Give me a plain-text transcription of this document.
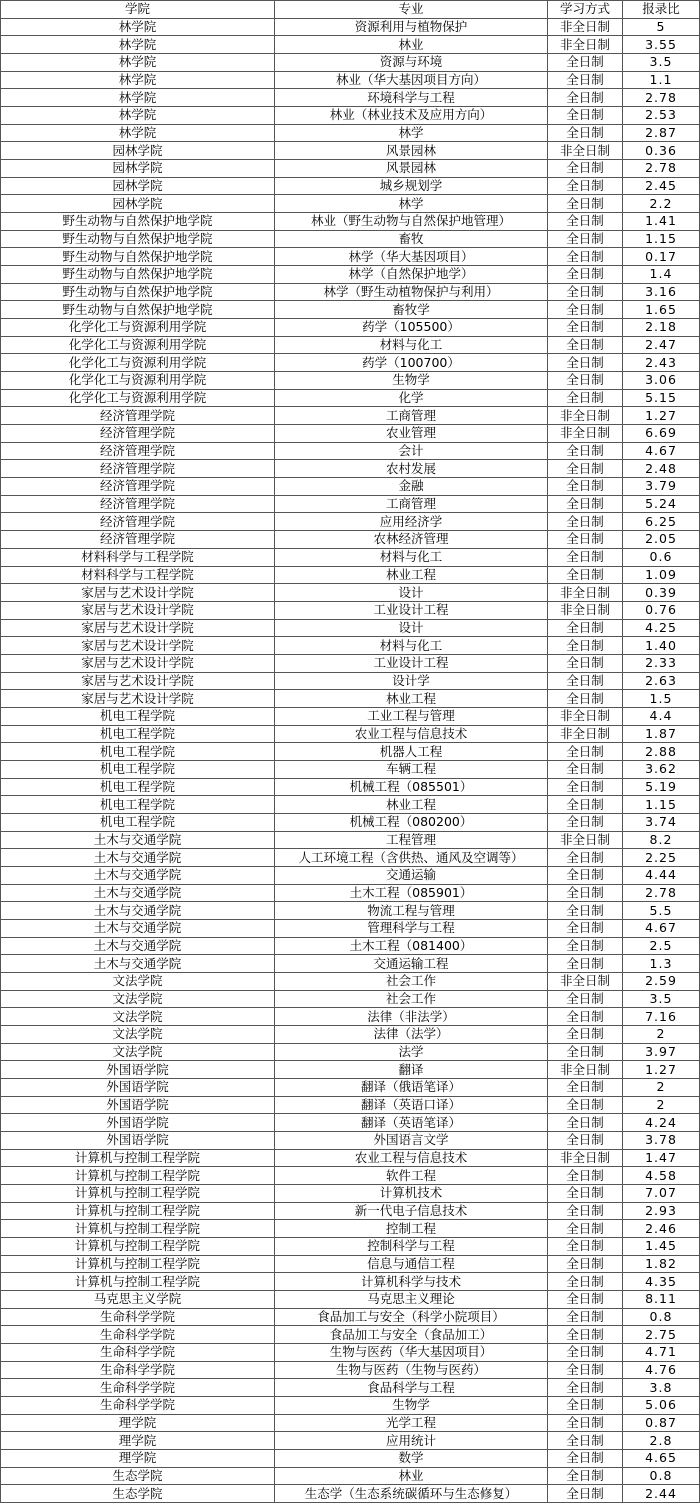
学院	专业	学习方式	报录比
林学院	资源利用与植物保护	非全日制	5
林学院	林业	非全日制	3.55
林学院	资源与环境	全日制	3.5
林学院	林业（华大基因项目方向）	全日制	1.1
林学院	环境科学与工程	全日制	2.78
林学院	林业（林业技术及应用方向）	全日制	2.53
林学院	林学	全日制	2.87
园林学院	风景园林	非全日制	0.36
园林学院	风景园林	全日制	2.78
园林学院	城乡规划学	全日制	2.45
园林学院	林学	全日制	2.2
野生动物与自然保护地学院	林业（野生动物与自然保护地管理）	全日制	1.41
野生动物与自然保护地学院	畜牧	全日制	1.15
野生动物与自然保护地学院	林学（华大基因项目）	全日制	0.17
野生动物与自然保护地学院	林学（自然保护地学）	全日制	1.4
野生动物与自然保护地学院	林学（野生动植物保护与利用）	全日制	3.16
野生动物与自然保护地学院	畜牧学	全日制	1.65
化学化工与资源利用学院	药学（105500）	全日制	2.18
化学化工与资源利用学院	材料与化工	全日制	2.47
化学化工与资源利用学院	药学（100700）	全日制	2.43
化学化工与资源利用学院	生物学	全日制	3.06
化学化工与资源利用学院	化学	全日制	5.15
经济管理学院	工商管理	非全日制	1.27
经济管理学院	农业管理	非全日制	6.69
经济管理学院	会计	全日制	4.67
经济管理学院	农村发展	全日制	2.48
经济管理学院	金融	全日制	3.79
经济管理学院	工商管理	全日制	5.24
经济管理学院	应用经济学	全日制	6.25
经济管理学院	农林经济管理	全日制	2.05
材料科学与工程学院	材料与化工	全日制	0.6
材料科学与工程学院	林业工程	全日制	1.09
家居与艺术设计学院	设计	非全日制	0.39
家居与艺术设计学院	工业设计工程	非全日制	0.76
家居与艺术设计学院	设计	全日制	4.25
家居与艺术设计学院	材料与化工	全日制	1.40
家居与艺术设计学院	工业设计工程	全日制	2.33
家居与艺术设计学院	设计学	全日制	2.63
家居与艺术设计学院	林业工程	全日制	1.5
机电工程学院	工业工程与管理	非全日制	4.4
机电工程学院	农业工程与信息技术	非全日制	1.87
机电工程学院	机器人工程	全日制	2.88
机电工程学院	车辆工程	全日制	3.62
机电工程学院	机械工程（085501）	全日制	5.19
机电工程学院	林业工程	全日制	1.15
机电工程学院	机械工程（080200）	全日制	3.74
土木与交通学院	工程管理	非全日制	8.2
土木与交通学院	人工环境工程（含供热、通风及空调等）	全日制	2.25
土木与交通学院	交通运输	全日制	4.44
土木与交通学院	土木工程（085901）	全日制	2.78
土木与交通学院	物流工程与管理	全日制	5.5
土木与交通学院	管理科学与工程	全日制	4.67
土木与交通学院	土木工程（081400）	全日制	2.5
土木与交通学院	交通运输工程	全日制	1.3
文法学院	社会工作	非全日制	2.59
文法学院	社会工作	全日制	3.5
文法学院	法律（非法学）	全日制	7.16
文法学院	法律（法学）	全日制	2
文法学院	法学	全日制	3.97
外国语学院	翻译	非全日制	1.27
外国语学院	翻译（俄语笔译）	全日制	2
外国语学院	翻译（英语口译）	全日制	2
外国语学院	翻译（英语笔译）	全日制	4.24
外国语学院	外国语言文学	全日制	3.78
计算机与控制工程学院	农业工程与信息技术	非全日制	1.47
计算机与控制工程学院	软件工程	全日制	4.58
计算机与控制工程学院	计算机技术	全日制	7.07
计算机与控制工程学院	新一代电子信息技术	全日制	2.93
计算机与控制工程学院	控制工程	全日制	2.46
计算机与控制工程学院	控制科学与工程	全日制	1.45
计算机与控制工程学院	信息与通信工程	全日制	1.82
计算机与控制工程学院	计算机科学与技术	全日制	4.35
马克思主义学院	马克思主义理论	全日制	8.11
生命科学学院	食品加工与安全（科学小院项目）	全日制	0.8
生命科学学院	食品加工与安全（食品加工）	全日制	2.75
生命科学学院	生物与医药（华大基因项目）	全日制	4.71
生命科学学院	生物与医药（生物与医药）	全日制	4.76
生命科学学院	食品科学与工程	全日制	3.8
生命科学学院	生物学	全日制	5.06
理学院	光学工程	全日制	0.87
理学院	应用统计	全日制	2.8
理学院	数学	全日制	4.65
生态学院	林业	全日制	0.8
生态学院	生态学（生态系统碳循环与生态修复）	全日制	2.44
